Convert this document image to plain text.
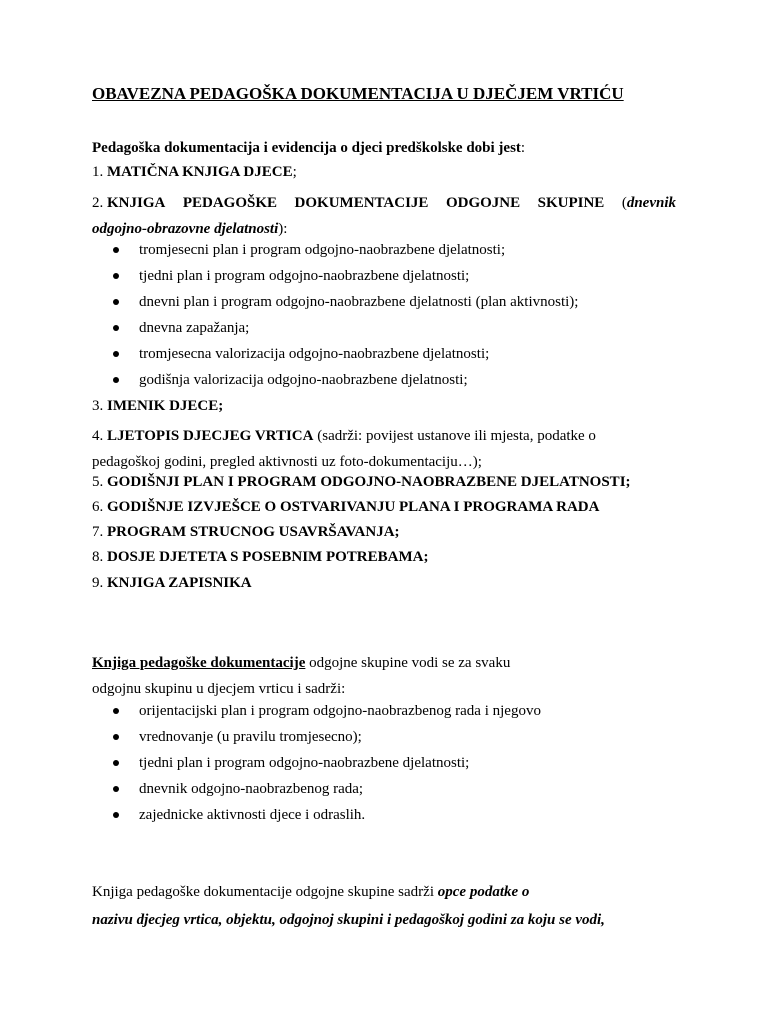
OBAVEZNA PEDAGOŠKA DOKUMENTACIJA U DJEČJEM VRTIĆU
Pedagoška dokumentacija i evidencija o djeci predškolske dobi jest:
1. MATIČNA KNJIGA DJECE;
2. KNJIGA PEDAGOŠKE DOKUMENTACIJE ODGOJNE SKUPINE (dnevnik
odgojno-obrazovne djelatnosti):
tromjesecni plan i program odgojno-naobrazbene djelatnosti;
tjedni plan i program odgojno-naobrazbene djelatnosti;
dnevni plan i program odgojno-naobrazbene djelatnosti (plan aktivnosti);
dnevna zapažanja;
tromjesecna valorizacija odgojno-naobrazbene djelatnosti;
godišnja valorizacija odgojno-naobrazbene djelatnosti;
3. IMENIK DJECE;
4. LJETOPIS DJECJEG VRTICA (sadrži: povijest ustanove ili mjesta, podatke o
pedagoškoj godini, pregled aktivnosti uz foto-dokumentaciju…);
5. GODIŠNJI PLAN I PROGRAM ODGOJNO-NAOBRAZBENE DJELATNOSTI;
6. GODIŠNJE IZVJEŠCE O OSTVARIVANJU PLANA I PROGRAMA RADA
7. PROGRAM STRUCNOG USAVRŠAVANJA;
8. DOSJE DJETETA S POSEBNIM POTREBAMA;
9. KNJIGA ZAPISNIKA
Knjiga pedagoške dokumentacije odgojne skupine vodi se za svaku
odgojnu skupinu u djecjem vrticu i sadrži:
orijentacijski plan i program odgojno-naobrazbenog rada i njegovo
vrednovanje (u pravilu tromjesecno);
tjedni plan i program odgojno-naobrazbene djelatnosti;
dnevnik odgojno-naobrazbenog rada;
zajednicke aktivnosti djece i odraslih.
Knjiga pedagoške dokumentacije odgojne skupine sadrži opce podatke o
nazivu djecjeg vrtica, objektu, odgojnoj skupini i pedagoškoj godini za koju se vodi,
